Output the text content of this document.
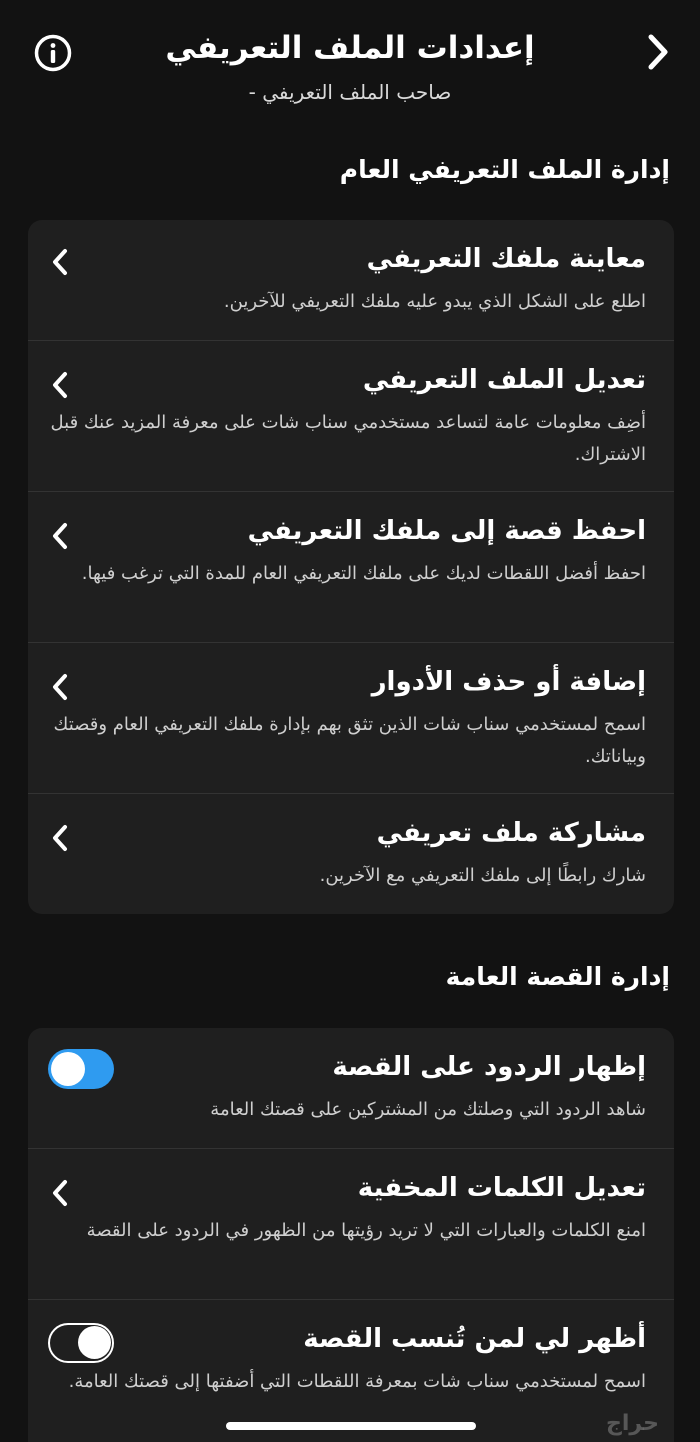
إعدادات الملف التعريفي
صاحب الملف التعريفي -
إدارة الملف التعريفي العام
معاينة ملفك التعريفي
اطلع على الشكل الذي يبدو عليه ملفك التعريفي للآخرين.
تعديل الملف التعريفي
أضِف معلومات عامة لتساعد مستخدمي سناب شات على معرفة المزيد عنك قبل الاشتراك.
احفظ قصة إلى ملفك التعريفي
احفظ أفضل اللقطات لديك على ملفك التعريفي العام للمدة التي ترغب فيها.
إضافة أو حذف الأدوار
اسمح لمستخدمي سناب شات الذين تثق بهم بإدارة ملفك التعريفي العام وقصتك وبياناتك.
مشاركة ملف تعريفي
شارك رابطًا إلى ملفك التعريفي مع الآخرين.
إدارة القصة العامة
إظهار الردود على القصة
شاهد الردود التي وصلتك من المشتركين على قصتك العامة
تعديل الكلمات المخفية
امنع الكلمات والعبارات التي لا تريد رؤيتها من الظهور في الردود على القصة
أظهر لي لمن تُنسب القصة
اسمح لمستخدمي سناب شات بمعرفة اللقطات التي أضفتها إلى قصتك العامة.
حراج
